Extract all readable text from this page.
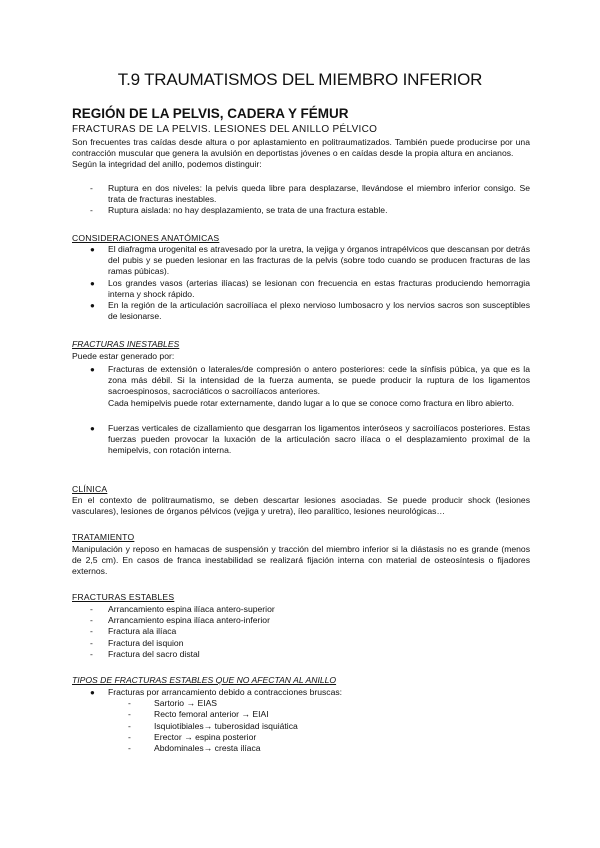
T.9 TRAUMATISMOS DEL MIEMBRO INFERIOR
REGIÓN DE LA PELVIS, CADERA Y FÉMUR
FRACTURAS DE LA PELVIS. LESIONES DEL ANILLO PÉLVICO

Son frecuentes tras caídas desde altura o por aplastamiento en politraumatizados. También puede producirse por una contracción muscular que genera la avulsión en deportistas jóvenes o en caídas desde la propia altura en ancianos.

Según la integridad del anillo, podemos distinguir:

- Ruptura en dos niveles: la pelvis queda libre para desplazarse, llevándose el miembro inferior consigo. Se trata de fracturas inestables.
- Ruptura aislada: no hay desplazamiento, se trata de una fractura estable.
CONSIDERACIONES ANATÓMICAS
● El diafragma urogenital es atravesado por la uretra, la vejiga y órganos intrapélvicos que descansan por detrás del pubis y se pueden lesionar en las fracturas de la pelvis (sobre todo cuando se producen fracturas de las ramas púbicas).
● Los grandes vasos (arterias ilíacas) se lesionan con frecuencia en estas fracturas produciendo hemorragia interna y shock rápido.
● En la región de la articulación sacroilíaca el plexo nervioso lumbosacro y los nervios sacros son susceptibles de lesionarse.
FRACTURAS INESTABLES
Puede estar generado por:
● Fracturas de extensión o laterales/de compresión o antero posteriores: cede la sínfisis púbica, ya que es la zona más débil. Si la intensidad de la fuerza aumenta, se puede producir la ruptura de los ligamentos sacroespinosos, sacrociáticos o sacroilíacos anteriores.

Cada hemipelvis puede rotar externamente, dando lugar a lo que se conoce como fractura en libro abierto.

● Fuerzas verticales de cizallamiento que desgarran los ligamentos interóseos y sacroilíacos posteriores. Estas fuerzas pueden provocar la luxación de la articulación sacro ilíaca o el desplazamiento proximal de la hemipelvis, con rotación interna.
CLÍNICA
En el contexto de politraumatismo, se deben descartar lesiones asociadas. Se puede producir shock (lesiones vasculares), lesiones de órganos pélvicos (vejiga y uretra), íleo paralítico, lesiones neurológicas…
TRATAMIENTO
Manipulación y reposo en hamacas de suspensión y tracción del miembro inferior si la diástasis no es grande (menos de 2,5 cm). En casos de franca inestabilidad se realizará fijación interna con material de osteosíntesis o fijadores externos.
FRACTURAS ESTABLES
- Arrancamiento espina ilíaca antero-superior
- Arrancamiento espina ilíaca antero-inferior
- Fractura ala ilíaca
- Fractura del isquion
- Fractura del sacro distal
TIPOS DE FRACTURAS ESTABLES QUE NO AFECTAN AL ANILLO
● Fracturas por arrancamiento debido a contracciones bruscas:
-	Sartorio → EIAS
-	Recto femoral anterior → EIAI
-	Isquiotibiales→ tuberosidad isquiática
-	Erector → espina posterior
-	Abdominales→ cresta ilíaca
